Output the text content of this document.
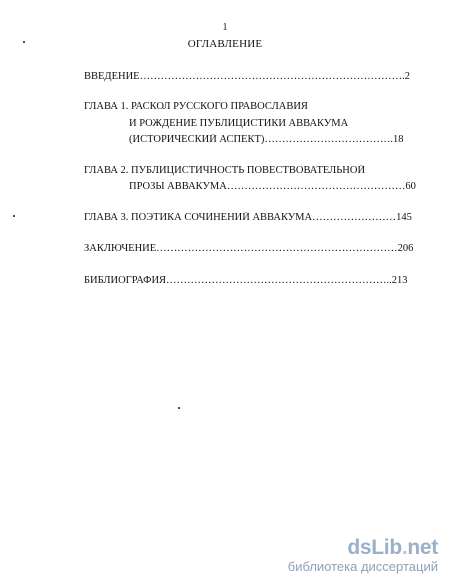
1
ОГЛАВЛЕНИЕ
ВВЕДЕНИЕ………………………………………………………………….2
ГЛАВА 1. РАСКОЛ РУССКОГО ПРАВОСЛАВИЯ
И РОЖДЕНИЕ ПУБЛИЦИСТИКИ АВВАКУМА
(ИСТОРИЧЕСКИЙ АСПЕКТ)……………………………….18
ГЛАВА 2. ПУБЛИЦИСТИЧНОСТЬ ПОВЕСТВОВАТЕЛЬНОЙ
ПРОЗЫ АВВАКУМА……………………………………………60
ГЛАВА 3. ПОЭТИКА СОЧИНЕНИЙ АВВАКУМА……………………145
ЗАКЛЮЧЕНИЕ……………………………………………………………206
БИБЛИОГРАФИЯ………………………………………………………..213
dsLib.net
библиотека диссертаций
